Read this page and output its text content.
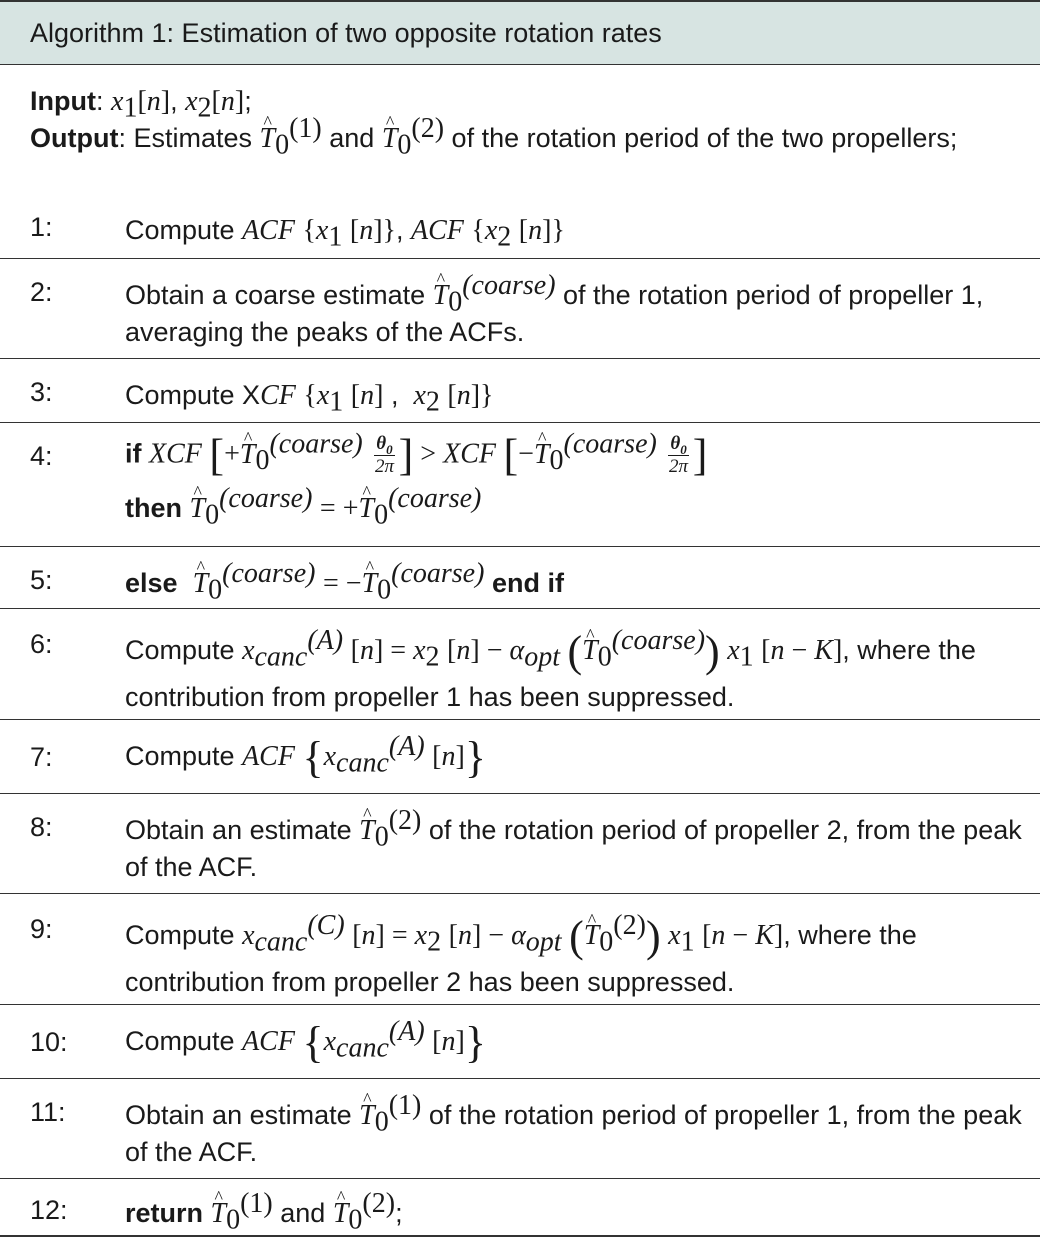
Algorithm 1: Estimation of two opposite rotation rates
Input: $x_1[n]$, $x_2[n]$;
Output: Estimates ^ $T_0^{(1)}$ and ^ $T_0^{(2)}$ of the rotation period of the two propellers;
1:	Compute ACF {$x_1$ [n]}, ACF {$x_2$ [n]}
2:	Obtain a coarse estimate ^ $T_0^{(coarse)}$ of the rotation period of propeller 1, averaging the peaks of the ACFs.
3:	Compute XCF {$x_1$ [n] ,  $x_2$ [n]}
4:	if XCF [+^ $T_0^{(coarse)} \frac{\theta_0}{2\pi}$ ] > XCF [−^ $T_0^{(coarse)} \frac{\theta_0}{2\pi}$ ]
then ^ $T_0^{(coarse)}$ = +^ $T_0^{(coarse)}$
5:	else ^ $T_0^{(coarse)}$ = −^ $T_0^{(coarse)}$ end if
6:	Compute $x_{canc}^{(A)}$ $[n] = x_2$ $[n] - \alpha_{opt}$ (^ $T_0^{(coarse)}$) $x_1$ [n − K], where the contribution from propeller 1 has been suppressed.
7:	Compute ACF {$x_{canc}^{(A)}$ [n]}
8:	Obtain an estimate ^ $T_0^{(2)}$ of the rotation period of propeller 2, from the peak of the ACF.
9:	Compute $x_{canc}^{(C)}$ $[n] = x_2$ $[n] - \alpha_{opt}$ (^ $T_0^{(2)}$) $x_1$ [n − K], where the contribution from propeller 2 has been suppressed.
10: Compute ACF {$x_{canc}^{(A)}$ [n]}
11: Obtain an estimate ^ $T_0^{(1)}$ of the rotation period of propeller 1, from the peak of the ACF.
12: return ^ $T_0^{(1)}$ and ^ $T_0^{(2)}$;
